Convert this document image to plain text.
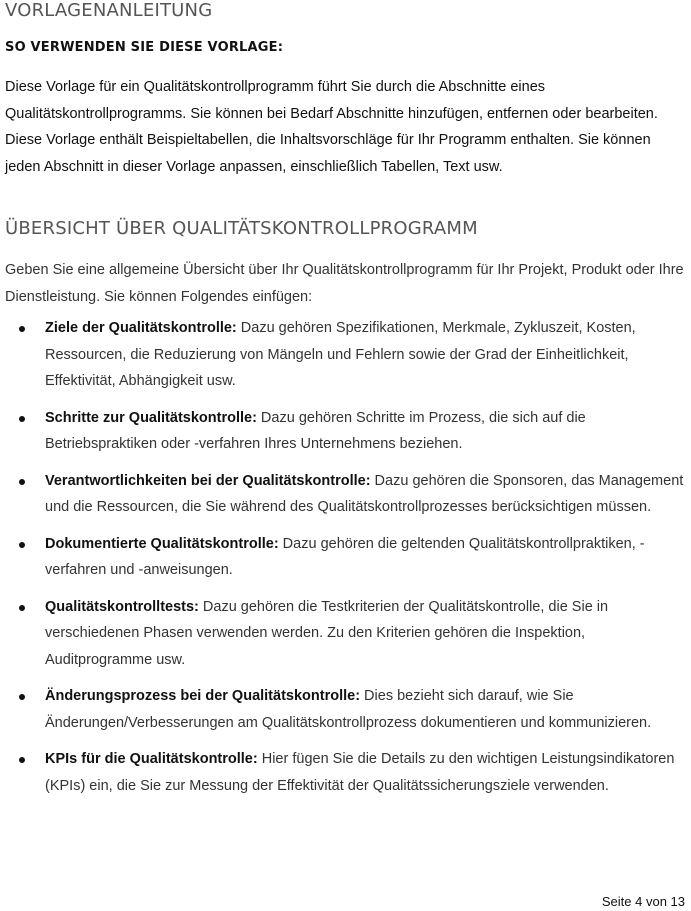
VORLAGENANLEITUNG
SO VERWENDEN SIE DIESE VORLAGE:
Diese Vorlage für ein Qualitätskontrollprogramm führt Sie durch die Abschnitte eines Qualitätskontrollprogramms. Sie können bei Bedarf Abschnitte hinzufügen, entfernen oder bearbeiten. Diese Vorlage enthält Beispieltabellen, die Inhaltsvorschläge für Ihr Programm enthalten. Sie können jeden Abschnitt in dieser Vorlage anpassen, einschließlich Tabellen, Text usw.
ÜBERSICHT ÜBER QUALITÄTSKONTROLLPROGRAMM
Geben Sie eine allgemeine Übersicht über Ihr Qualitätskontrollprogramm für Ihr Projekt, Produkt oder Ihre Dienstleistung. Sie können Folgendes einfügen:
Ziele der Qualitätskontrolle: Dazu gehören Spezifikationen, Merkmale, Zykluszeit, Kosten, Ressourcen, die Reduzierung von Mängeln und Fehlern sowie der Grad der Einheitlichkeit, Effektivität, Abhängigkeit usw.
Schritte zur Qualitätskontrolle: Dazu gehören Schritte im Prozess, die sich auf die Betriebspraktiken oder -verfahren Ihres Unternehmens beziehen.
Verantwortlichkeiten bei der Qualitätskontrolle: Dazu gehören die Sponsoren, das Management und die Ressourcen, die Sie während des Qualitätskontrollprozesses berücksichtigen müssen.
Dokumentierte Qualitätskontrolle: Dazu gehören die geltenden Qualitätskontrollpraktiken, -verfahren und -anweisungen.
Qualitätskontrolltests: Dazu gehören die Testkriterien der Qualitätskontrolle, die Sie in verschiedenen Phasen verwenden werden. Zu den Kriterien gehören die Inspektion, Auditprogramme usw.
Änderungsprozess bei der Qualitätskontrolle: Dies bezieht sich darauf, wie Sie Änderungen/Verbesserungen am Qualitätskontrollprozess dokumentieren und kommunizieren.
KPIs für die Qualitätskontrolle: Hier fügen Sie die Details zu den wichtigen Leistungsindikatoren (KPIs) ein, die Sie zur Messung der Effektivität der Qualitätssicherungsziele verwenden.
Seite 4 von 13
